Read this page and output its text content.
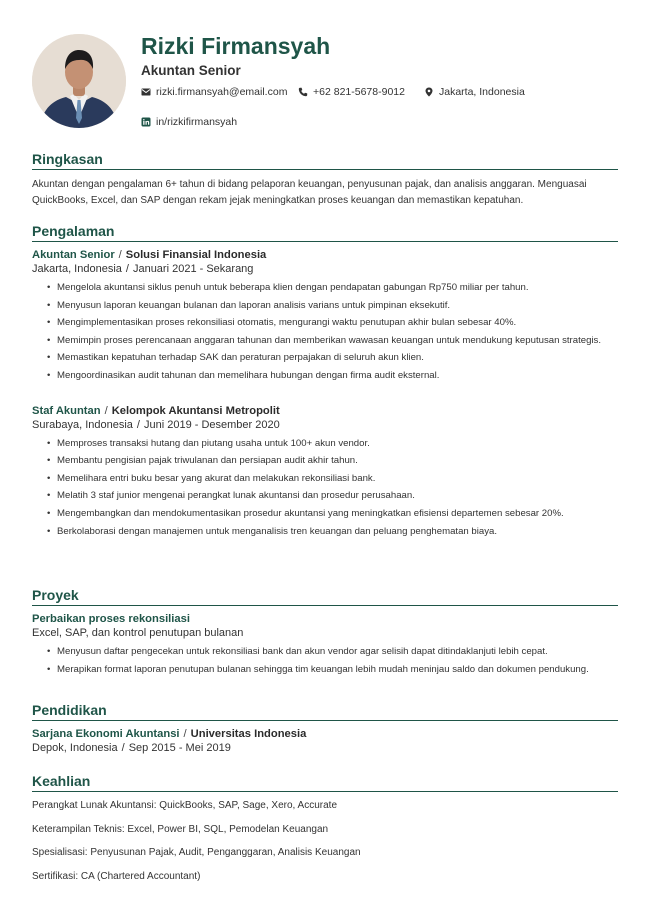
Rizki Firmansyah
Akuntan Senior
rizki.firmansyah@email.com +62 821-5678-9012	Jakarta, Indonesia
in/rizkifirmansyah
Ringkasan
Akuntan dengan pengalaman 6+ tahun di bidang pelaporan keuangan, penyusunan pajak, dan analisis anggaran. Menguasai QuickBooks, Excel, dan SAP dengan rekam jejak meningkatkan proses keuangan dan memastikan kepatuhan.
Pengalaman
Akuntan Senior / Solusi Finansial Indonesia
Jakarta, Indonesia / Januari 2021 - Sekarang
• Mengelola akuntansi siklus penuh untuk beberapa klien dengan pendapatan gabungan Rp750 miliar per tahun.
• Menyusun laporan keuangan bulanan dan laporan analisis varians untuk pimpinan eksekutif.
• Mengimplementasikan proses rekonsiliasi otomatis, mengurangi waktu penutupan akhir bulan sebesar 40%.
• Memimpin proses perencanaan anggaran tahunan dan memberikan wawasan keuangan untuk mendukung keputusan strategis.
• Memastikan kepatuhan terhadap SAK dan peraturan perpajakan di seluruh akun klien.
• Mengoordinasikan audit tahunan dan memelihara hubungan dengan firma audit eksternal.
Staf Akuntan / Kelompok Akuntansi Metropolit
Surabaya, Indonesia / Juni 2019 - Desember 2020
• Memproses transaksi hutang dan piutang usaha untuk 100+ akun vendor.
• Membantu pengisian pajak triwulanan dan persiapan audit akhir tahun.
• Memelihara entri buku besar yang akurat dan melakukan rekonsiliasi bank.
• Melatih 3 staf junior mengenai perangkat lunak akuntansi dan prosedur perusahaan.
• Mengembangkan dan mendokumentasikan prosedur akuntansi yang meningkatkan efisiensi departemen sebesar 20%.
• Berkolaborasi dengan manajemen untuk menganalisis tren keuangan dan peluang penghematan biaya.
Proyek
Perbaikan proses rekonsiliasi
Excel, SAP, dan kontrol penutupan bulanan
• Menyusun daftar pengecekan untuk rekonsiliasi bank dan akun vendor agar selisih dapat ditindaklanjuti lebih cepat.
• Merapikan format laporan penutupan bulanan sehingga tim keuangan lebih mudah meninjau saldo dan dokumen pendukung.
Pendidikan
Sarjana Ekonomi Akuntansi / Universitas Indonesia
Depok, Indonesia / Sep 2015 - Mei 2019
Keahlian
Perangkat Lunak Akuntansi: QuickBooks, SAP, Sage, Xero, Accurate
Keterampilan Teknis: Excel, Power BI, SQL, Pemodelan Keuangan
Spesialisasi: Penyusunan Pajak, Audit, Penganggaran, Analisis Keuangan
Sertifikasi: CA (Chartered Accountant)
